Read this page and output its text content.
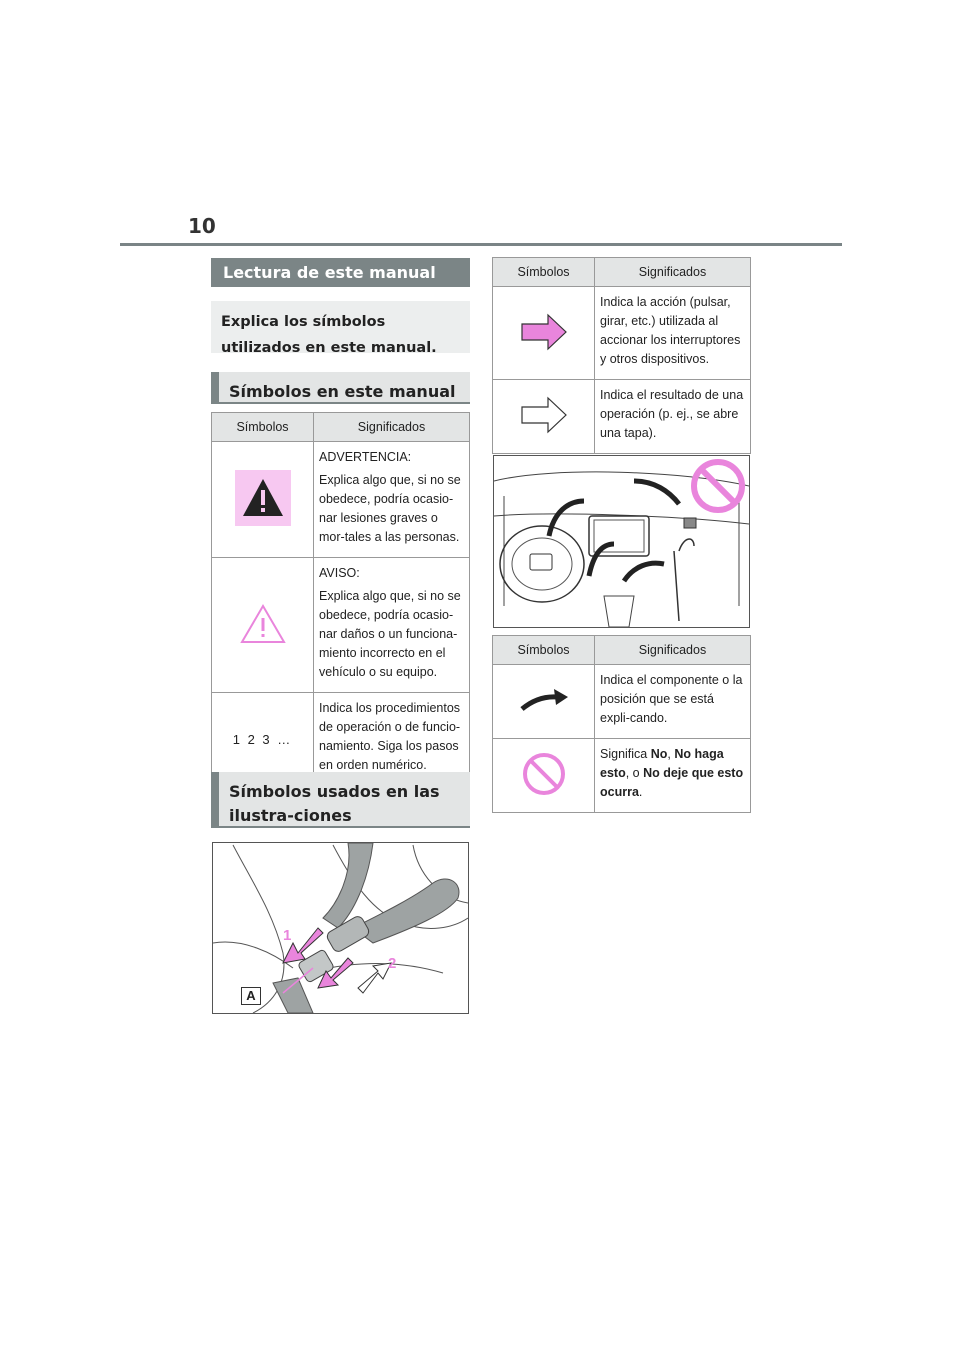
10
Lectura de este manual
Explica los símbolos utilizados en este manual.
Símbolos en este manual
Símbolos	Significados

ADVERTENCIA:

Explica algo que, si no se obedece, podría ocasio-nar lesiones graves o mor-tales a las personas.

AVISO:

Explica algo que, si no se obedece, podría ocasio-nar daños o un funciona-miento incorrecto en el vehículo o su equipo.

1 2 3 …	Indica los procedimientos de operación o de funcio-namiento. Siga los pasos en orden numérico.

Símbolos usados en las ilustra-ciones
1
2
A
Símbolos	Significados

Indica la acción (pulsar, girar, etc.) utilizada al accionar los interruptores y otros dispositivos.

Indica el resultado de una operación (p. ej., se abre una tapa).

Símbolos	Significados

Indica el componente o la posición que se está expli-cando.

Significa No, No haga esto, o No deje que esto ocurra.
